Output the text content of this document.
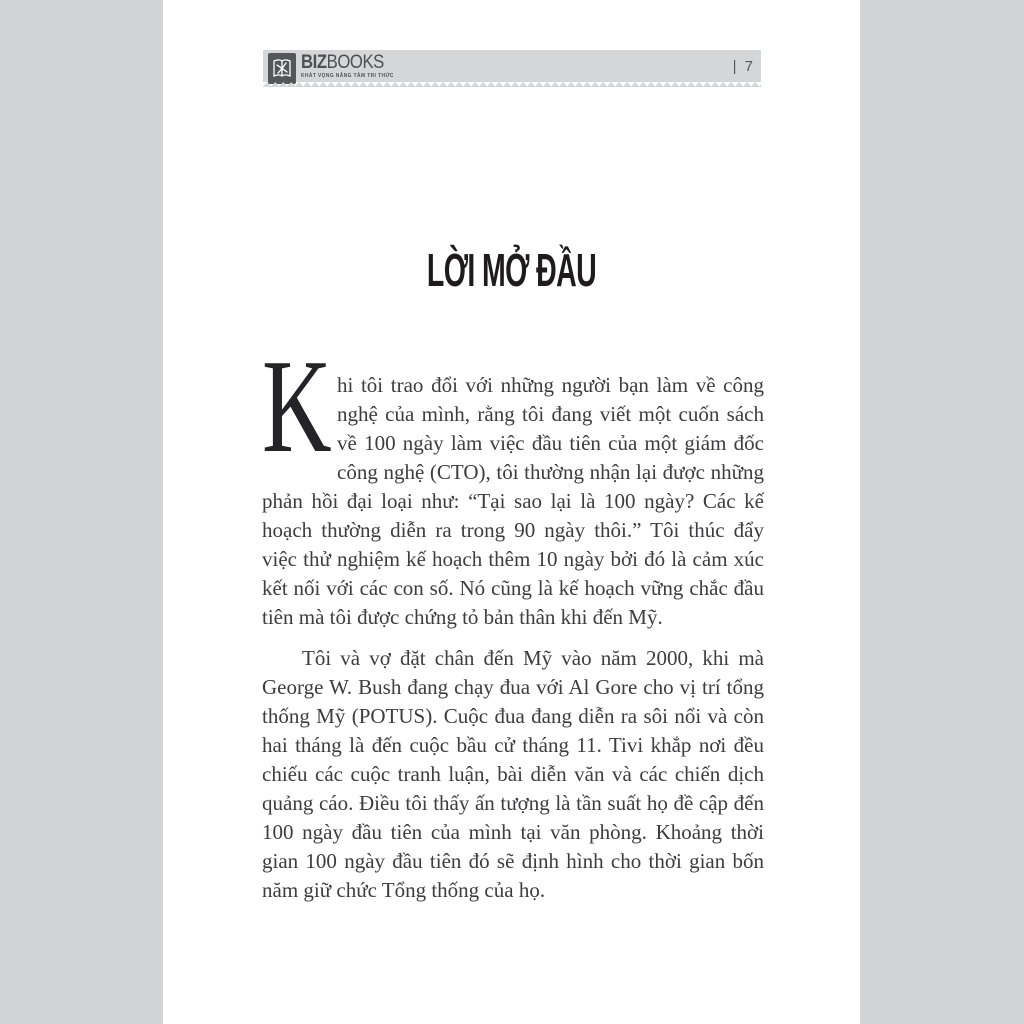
BIZBOOKS
KHÁT VỌNG NÂNG TẦM TRI THỨC
| 7
LỜI MỞ ĐẦU

K hi tôi trao đổi với những người bạn làm về công nghệ của mình, rằng tôi đang viết một cuốn sách về 100 ngày làm việc đầu tiên của một giám đốc công nghệ (CTO), tôi thường nhận lại được những phản hồi đại loại như: “Tại sao lại là 100 ngày? Các kế hoạch thường diễn ra trong 90 ngày thôi.” Tôi thúc đẩy việc thử nghiệm kế hoạch thêm 10 ngày bởi đó là cảm xúc kết nối với các con số. Nó cũng là kế hoạch vững chắc đầu tiên mà tôi được chứng tỏ bản thân khi đến Mỹ.

Tôi và vợ đặt chân đến Mỹ vào năm 2000, khi mà George W. Bush đang chạy đua với Al Gore cho vị trí tổng thống Mỹ (POTUS). Cuộc đua đang diễn ra sôi nổi và còn hai tháng là đến cuộc bầu cử tháng 11. Tivi khắp nơi đều chiếu các cuộc tranh luận, bài diễn văn và các chiến dịch quảng cáo. Điều tôi thấy ấn tượng là tần suất họ đề cập đến 100 ngày đầu tiên của mình tại văn phòng. Khoảng thời gian 100 ngày đầu tiên đó sẽ định hình cho thời gian bốn năm giữ chức Tổng thống của họ.
